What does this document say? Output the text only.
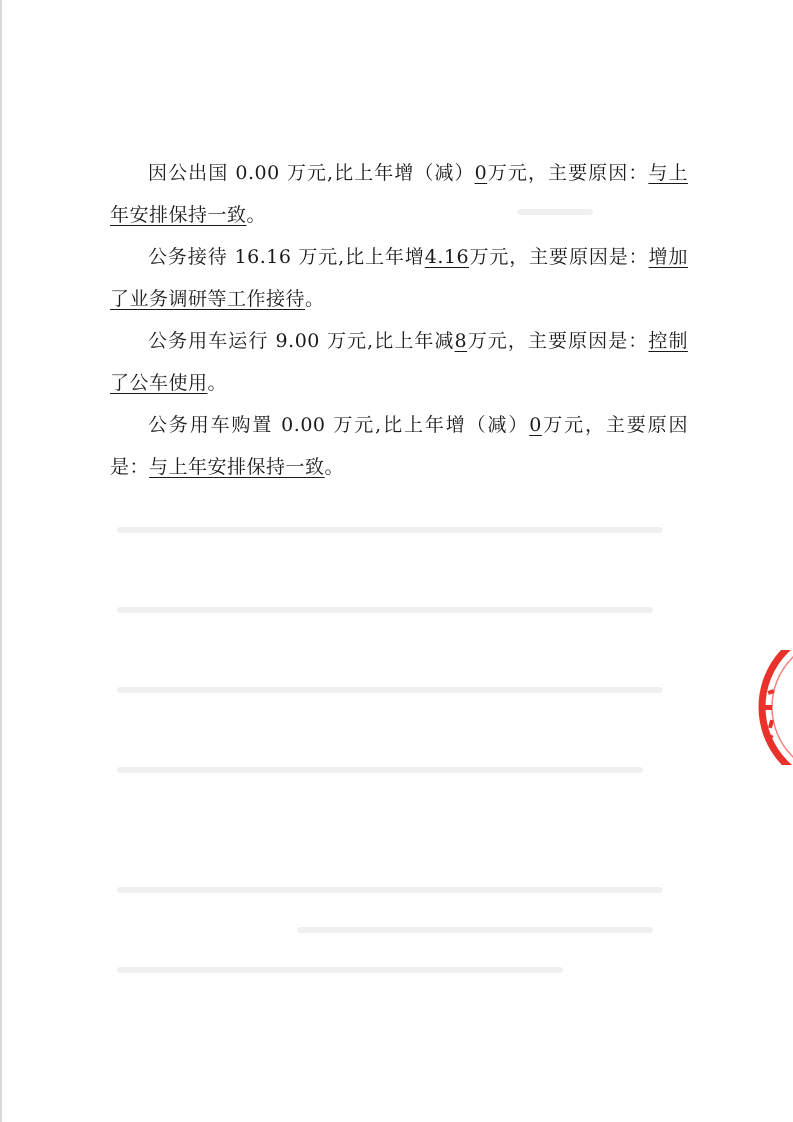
因公出国 0.00 万元,比上年增（减）0万元，主要原因：与上年安排保持一致。

公务接待 16.16 万元,比上年增4.16万元，主要原因是：增加了业务调研等工作接待。

公务用车运行 9.00 万元,比上年减8万元，主要原因是：控制了公车使用。

公务用车购置 0.00 万元,比上年增（减）0万元，主要原因是：与上年安排保持一致。
